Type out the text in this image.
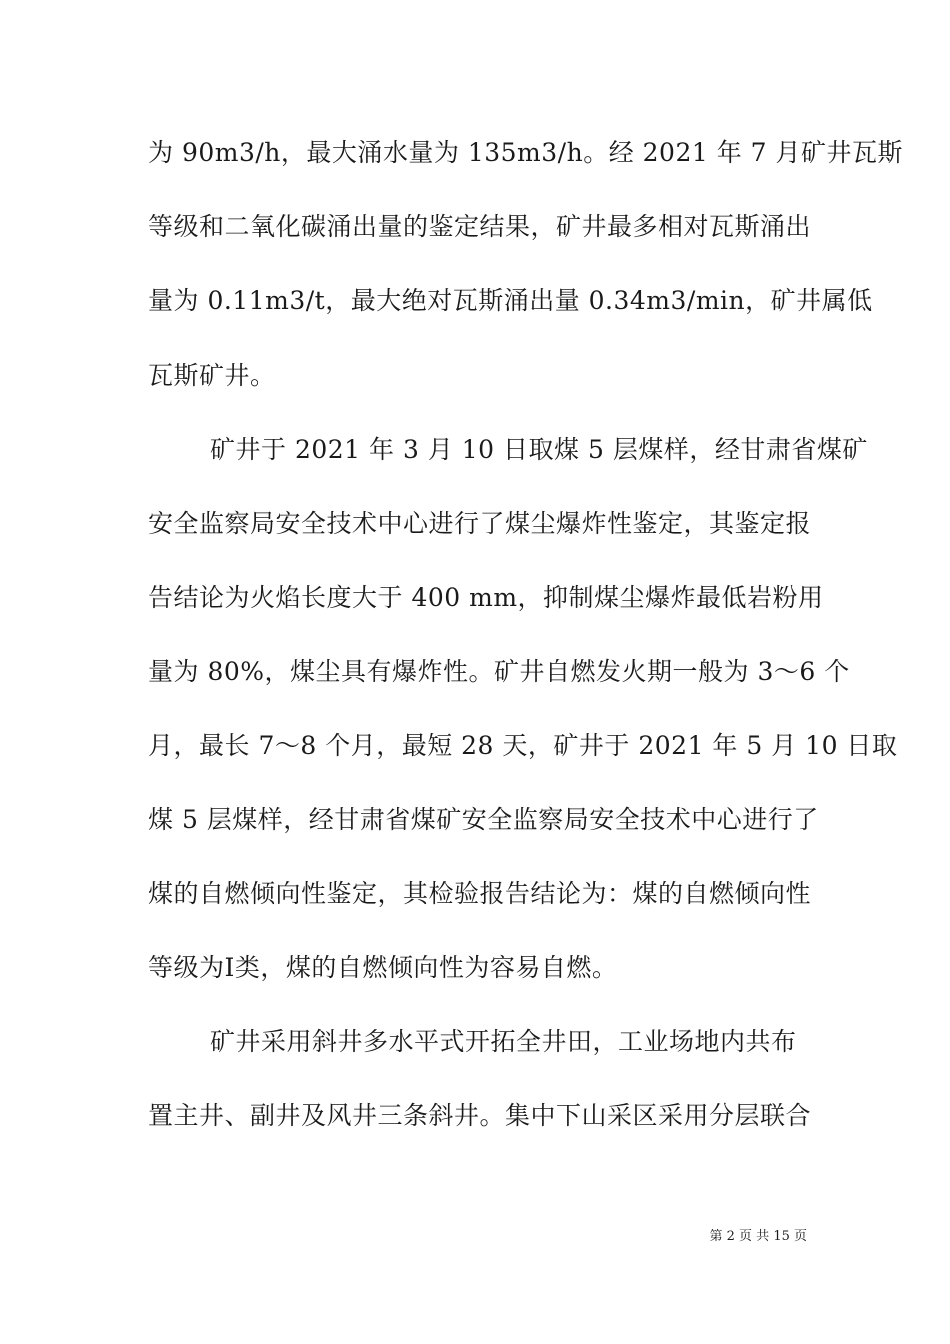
为 90m3/h，最大涌水量为 135m3/h。经 2021 年 7 月矿井瓦斯
等级和二氧化碳涌出量的鉴定结果，矿井最多相对瓦斯涌出
量为 0.11m3/t，最大绝对瓦斯涌出量 0.34m3/min，矿井属低
瓦斯矿井。
矿井于 2021 年 3 月 10 日取煤 5 层煤样，经甘肃省煤矿
安全监察局安全技术中心进行了煤尘爆炸性鉴定，其鉴定报
告结论为火焰长度大于 400 mm，抑制煤尘爆炸最低岩粉用
量为 80%，煤尘具有爆炸性。矿井自燃发火期一般为 3～6 个
月，最长 7～8 个月，最短 28 天，矿井于 2021 年 5 月 10 日取
煤 5 层煤样，经甘肃省煤矿安全监察局安全技术中心进行了
煤的自燃倾向性鉴定，其检验报告结论为：煤的自燃倾向性
等级为Ⅰ类，煤的自燃倾向性为容易自燃。
矿井采用斜井多水平式开拓全井田，工业场地内共布
置主井、副井及风井三条斜井。集中下山采区采用分层联合
第 2 页 共 15 页
